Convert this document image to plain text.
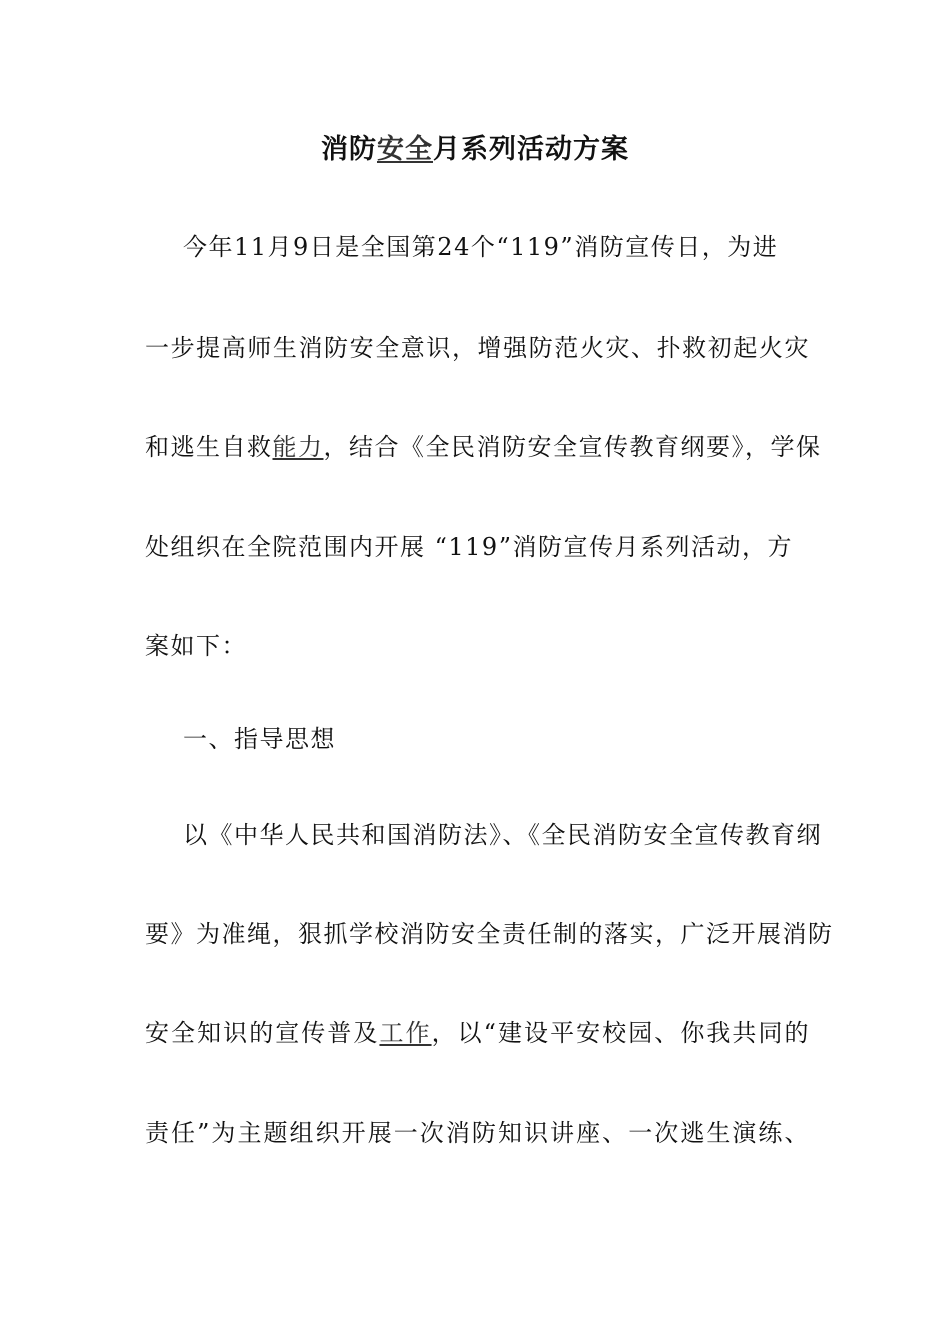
消防安全月系列活动方案
今年11月9日是全国第24个“119”消防宣传日，为进
一步提高师生消防安全意识，增强防范火灾、扑救初起火灾
和逃生自救能力，结合《全民消防安全宣传教育纲要》，学保
处组织在全院范围内开展 “119”消防宣传月系列活动，方
案如下：
一、指导思想
以《中华人民共和国消防法》、《全民消防安全宣传教育纲
要》为准绳，狠抓学校消防安全责任制的落实，广泛开展消防
安全知识的宣传普及工作，以“建设平安校园、你我共同的
责任”为主题组织开展一次消防知识讲座、一次逃生演练、
